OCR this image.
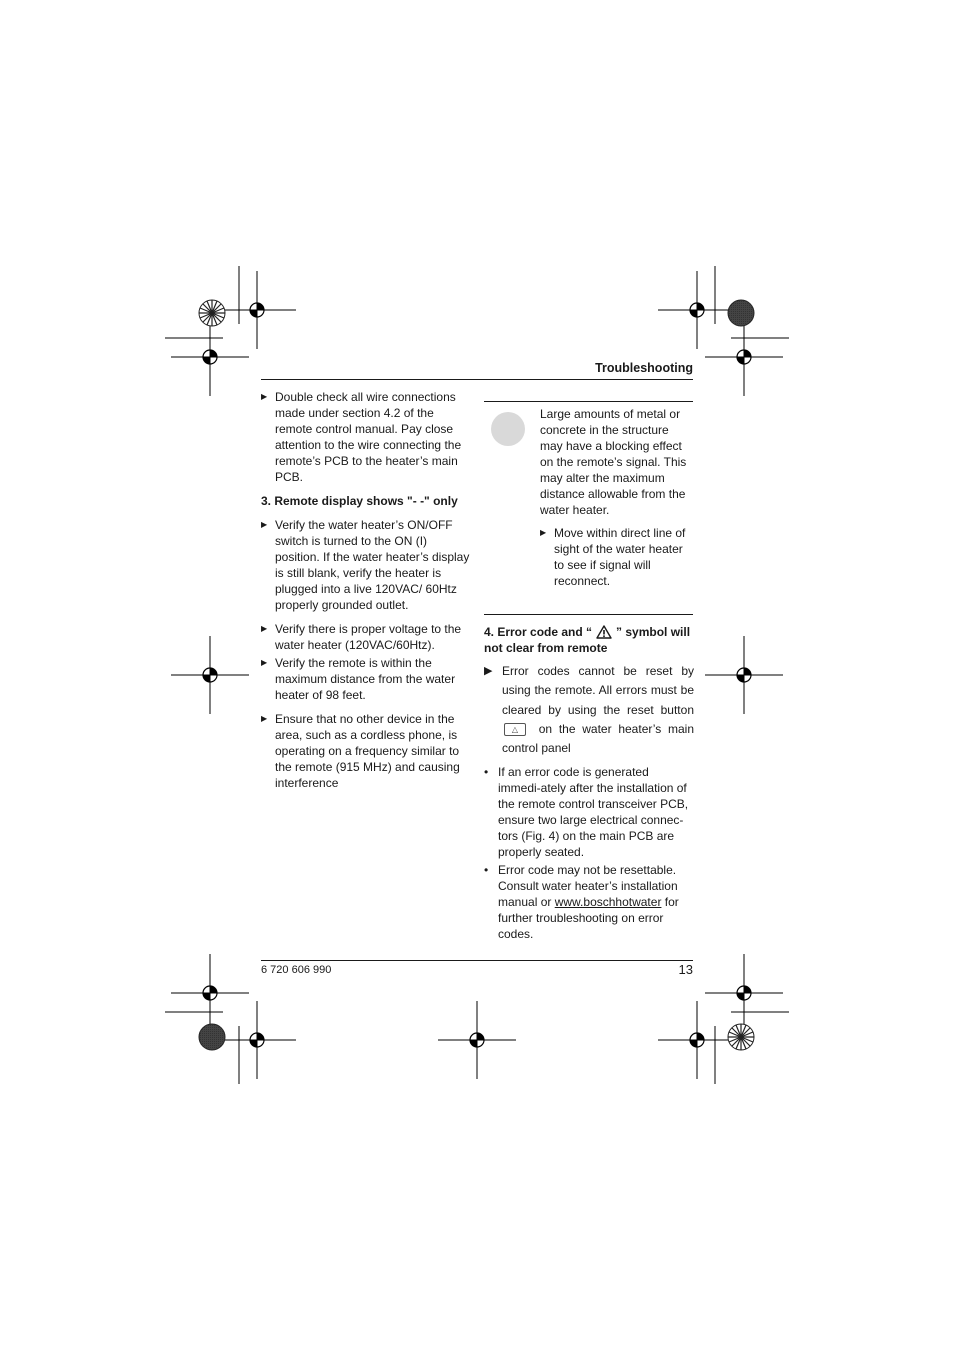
Troubleshooting
▶ Double check all wire connections made under section 4.2 of the remote control manual. Pay close attention to the wire connecting the remote’s PCB to the heater’s main PCB.
3. Remote display shows "- -" only
▶ Verify the water heater’s ON/OFF switch is turned to the ON (I) position. If the water heater’s display is still blank, verify the heater is plugged into a live 120VAC/ 60Htz properly grounded outlet.
▶ Verify there is proper voltage to the water heater (120VAC/60Htz).
▶ Verify the remote is within the maximum distance from the water heater of 98 feet.
▶ Ensure that no other device in the area, such as a cordless phone, is operating on a frequency similar to the remote (915 MHz) and causing interference
Large amounts of metal or concrete in the structure may have a blocking effect on the remote’s signal. This may alter the maximum distance allowable from the water heater.
▶ Move within direct line of sight of the water heater to see if signal will reconnect.
4. Error code and “ ” symbol will not clear from remote
▶ Error codes cannot be reset by using the remote. All errors must be cleared by using the reset button △ on the water heater’s main control panel
• If an error code is generated immedi-ately after the installation of the remote control transceiver PCB, ensure two large electrical connec-tors (Fig. 4) on the main PCB are properly seated.
• Error code may not be resettable. Consult water heater’s installation manual or www.boschhotwater for further troubleshooting on error codes.
6 720 606 990	13
